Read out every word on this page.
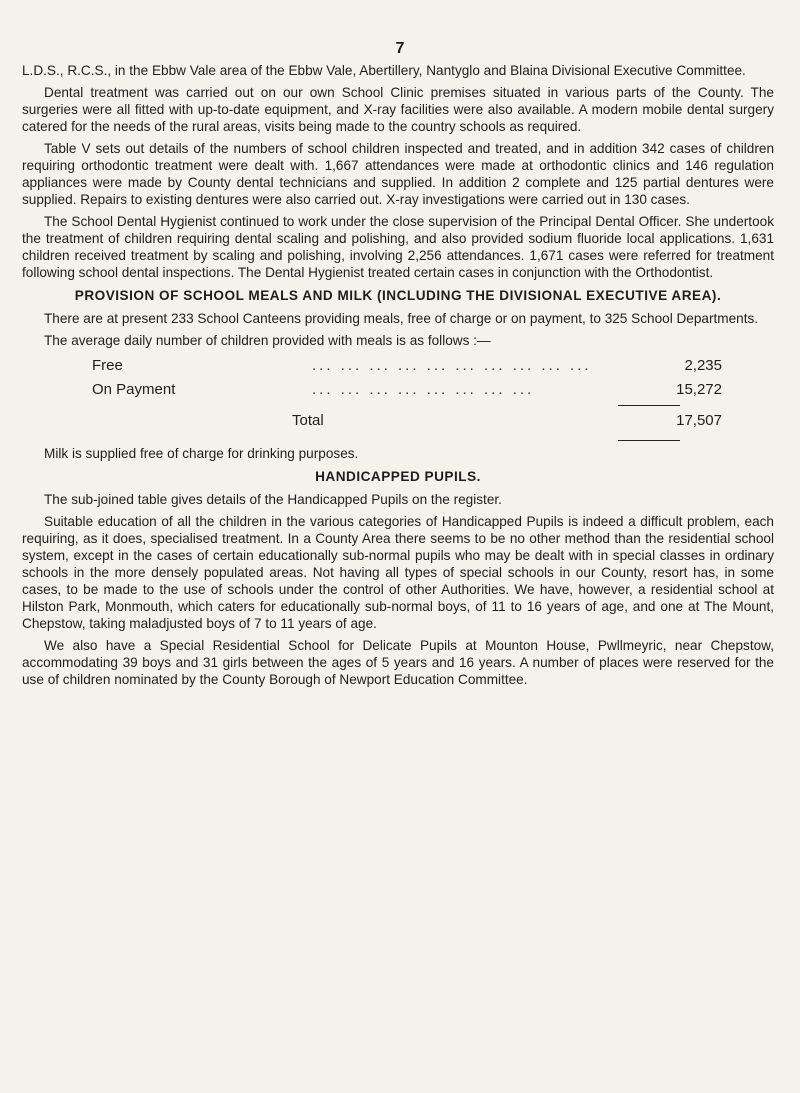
7

L.D.S., R.C.S., in the Ebbw Vale area of the Ebbw Vale, Abertillery, Nantyglo and Blaina Divisional Executive Committee.

Dental treatment was carried out on our own School Clinic premises situated in various parts of the County. The surgeries were all fitted with up-to-date equipment, and X-ray facilities were also available. A modern mobile dental surgery catered for the needs of the rural areas, visits being made to the country schools as required.

Table V sets out details of the numbers of school children inspected and treated, and in addition 342 cases of children requiring orthodontic treatment were dealt with. 1,667 attendances were made at orthodontic clinics and 146 regulation appliances were made by County dental technicians and supplied. In addition 2 complete and 125 partial dentures were supplied. Repairs to existing dentures were also carried out. X-ray investigations were carried out in 130 cases.

The School Dental Hygienist continued to work under the close supervision of the Principal Dental Officer. She undertook the treatment of children requiring dental scaling and polishing, and also provided sodium fluoride local applications. 1,631 children received treatment by scaling and polishing, involving 2,256 attendances. 1,671 cases were referred for treatment following school dental inspections. The Dental Hygienist treated certain cases in conjunction with the Orthodontist.

PROVISION OF SCHOOL MEALS AND MILK (INCLUDING THE DIVISIONAL EXECUTIVE AREA).

There are at present 233 School Canteens providing meals, free of charge or on payment, to 325 School Departments.

The average daily number of children provided with meals is as follows :—

Free	... ... ... ... ... ... ... ... ... ...	2,235
On Payment	... ... ... ... ... ... ... ...	15,272
Total	17,507

Milk is supplied free of charge for drinking purposes.

HANDICAPPED PUPILS.

The sub-joined table gives details of the Handicapped Pupils on the register.

Suitable education of all the children in the various categories of Handicapped Pupils is indeed a difficult problem, each requiring, as it does, specialised treatment. In a County Area there seems to be no other method than the residential school system, except in the cases of certain educationally sub-normal pupils who may be dealt with in special classes in ordinary schools in the more densely populated areas. Not having all types of special schools in our County, resort has, in some cases, to be made to the use of schools under the control of other Authorities. We have, however, a residential school at Hilston Park, Monmouth, which caters for educationally sub-normal boys, of 11 to 16 years of age, and one at The Mount, Chepstow, taking maladjusted boys of 7 to 11 years of age.

We also have a Special Residential School for Delicate Pupils at Mounton House, Pwllmeyric, near Chepstow, accommodating 39 boys and 31 girls between the ages of 5 years and 16 years. A number of places were reserved for the use of children nominated by the County Borough of Newport Education Committee.
